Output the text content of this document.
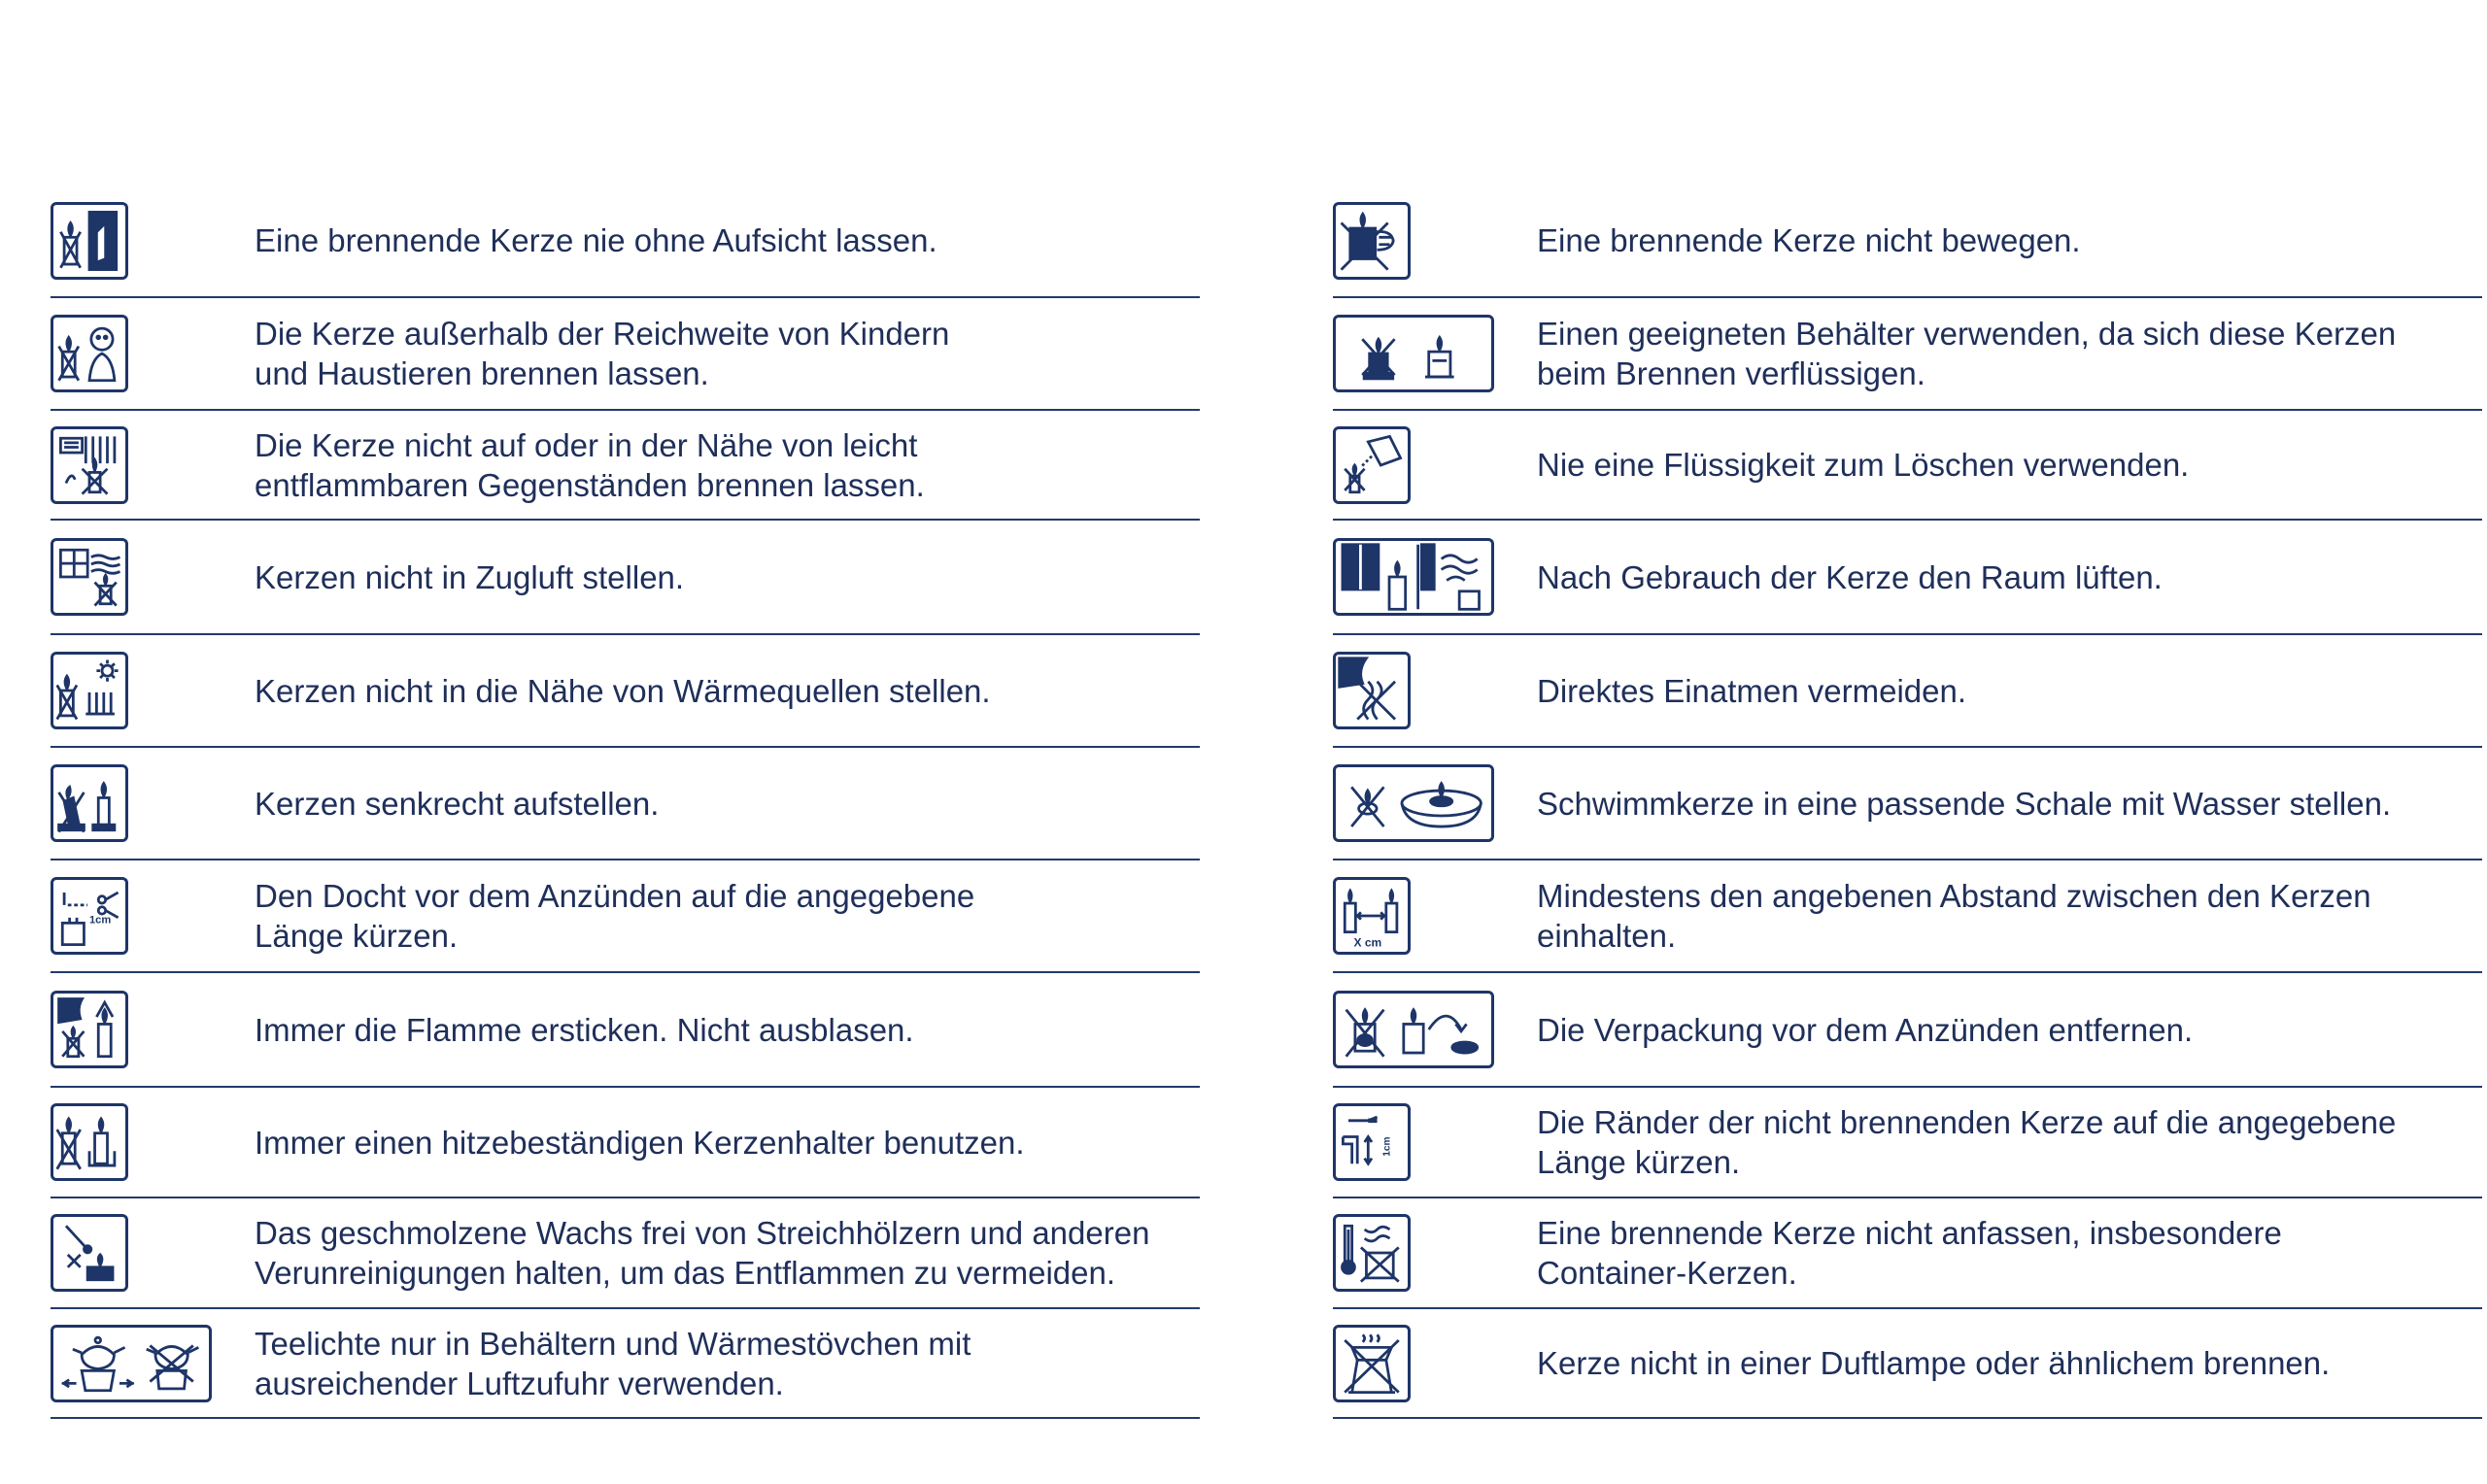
Eine brennende Kerze nie ohne Aufsicht lassen.
Die Kerze außerhalb der Reichweite von Kindern
und Haustieren brennen lassen.
Die Kerze nicht auf oder in der Nähe von leicht
entflammbaren Gegenständen brennen lassen.
Kerzen nicht in Zugluft stellen.
Kerzen nicht in die Nähe von Wärmequellen stellen.
Kerzen senkrecht aufstellen.
1cm
Den Docht vor dem Anzünden auf die angegebene
Länge kürzen.
Immer die Flamme ersticken. Nicht ausblasen.
Immer einen hitzebeständigen Kerzenhalter benutzen.
Das geschmolzene Wachs frei von Streichhölzern und anderen
Verunreinigungen halten, um das Entflammen zu vermeiden.
Teelichte nur in Behältern und Wärmestövchen mit
ausreichender Luftzufuhr verwenden.
Eine brennende Kerze nicht bewegen.
Einen geeigneten Behälter verwenden, da sich diese Kerzen
beim Brennen verflüssigen.
Nie eine Flüssigkeit zum Löschen verwenden.
Nach Gebrauch der Kerze den Raum lüften.
Direktes Einatmen vermeiden.
Schwimmkerze in eine passende Schale mit Wasser stellen.
X cm
Mindestens den angebenen Abstand zwischen den Kerzen
einhalten.
Die Verpackung vor dem Anzünden entfernen.
1cm
Die Ränder der nicht brennenden Kerze auf die angegebene
Länge kürzen.
Eine brennende Kerze nicht anfassen, insbesondere
Container-Kerzen.
Kerze nicht in einer Duftlampe oder ähnlichem brennen.
